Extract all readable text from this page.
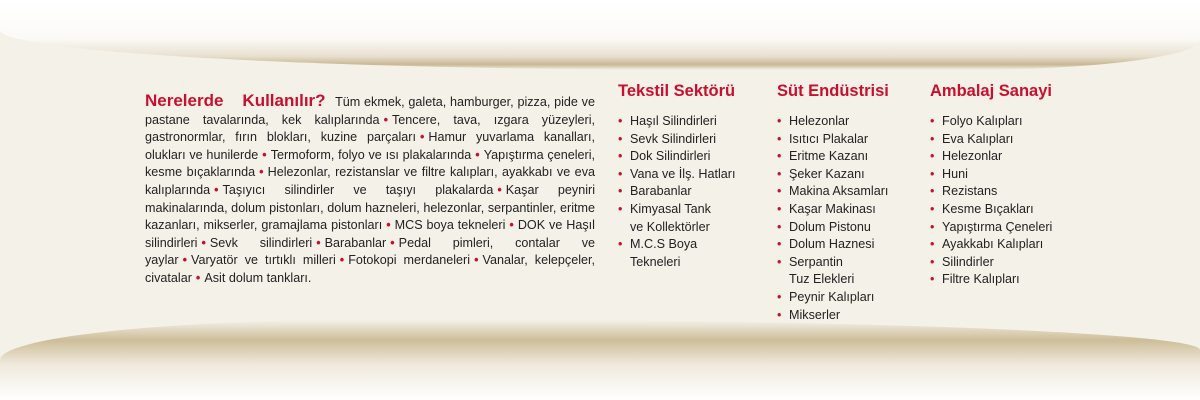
Nerelerde Kullanılır? Tüm ekmek, galeta, hamburger, pizza, pide ve pastane tavalarında, kek kalıplarında • Tencere, tava, ızgara yüzeyleri, gastronormlar, fırın blokları, kuzine parçaları • Hamur yuvarlama kanalları, olukları ve hunilerde • Termoform, folyo ve ısı plakalarında • Yapıştırma çeneleri, kesme bıçaklarında • Helezonlar, rezistanslar ve filtre kalıpları, ayakkabı ve eva kalıplarında • Taşıyıcı silindirler ve taşıyı plakalarda • Kaşar peyniri makinalarında, dolum pistonları, dolum hazneleri, helezonlar, serpantinler, eritme kazanları, mikserler, gramajlama pistonları • MCS boya tekneleri • DOK ve Haşıl silindirleri • Sevk silindirleri • Barabanlar • Pedal pimleri, contalar ve yaylar • Varyatör ve tırtıklı milleri • Fotokopi merdaneleri • Vanalar, kelepçeler, civatalar • Asit dolum tankları.
Tekstil Sektörü
• Haşıl Silindirleri
• Sevk Silindirleri
• Dok Silindirleri
• Vana ve İlş. Hatları
• Barabanlar
• Kimyasal Tank
ve Kollektörler
• M.C.S Boya
Tekneleri
Süt Endüstrisi
• Helezonlar
• Isıtıcı Plakalar
• Eritme Kazanı
• Şeker Kazanı
• Makina Aksamları
• Kaşar Makinası
• Dolum Pistonu
• Dolum Haznesi
• Serpantin
Tuz Elekleri
• Peynir Kalıpları
• Mikserler
Ambalaj Sanayi
• Folyo Kalıpları
• Eva Kalıpları
• Helezonlar
• Huni
• Rezistans
• Kesme Bıçakları
• Yapıştırma Çeneleri
• Ayakkabı Kalıpları
• Silindirler
• Filtre Kalıpları
